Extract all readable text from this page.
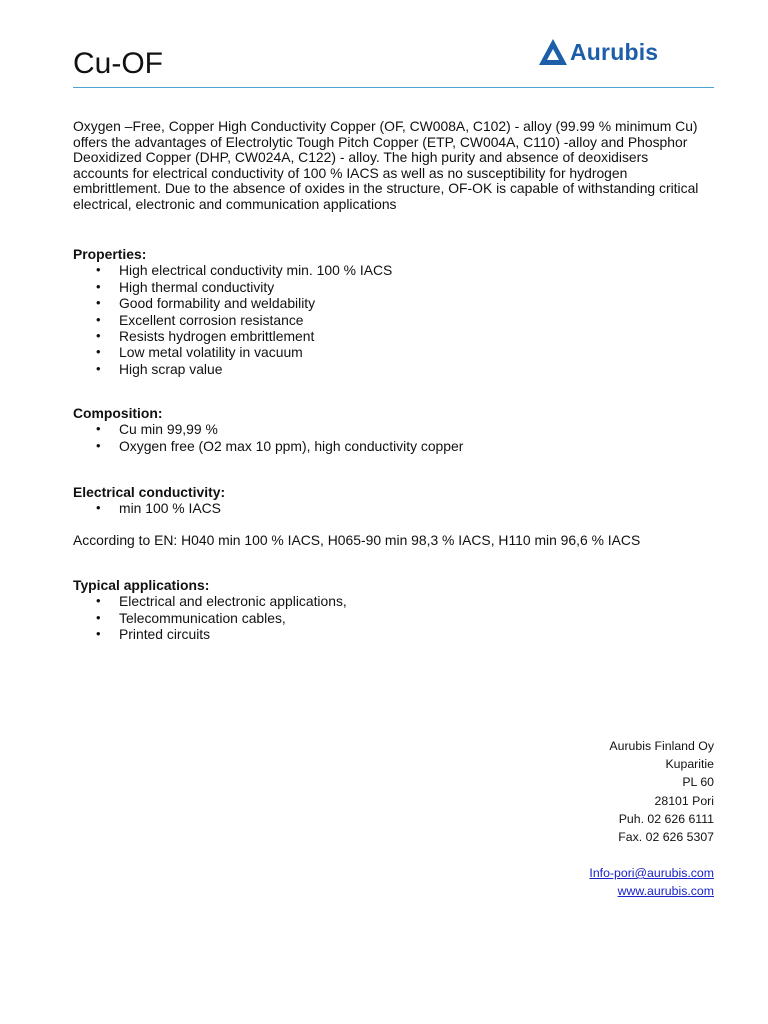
Cu-OF	Aurubis
Oxygen –Free, Copper High Conductivity Copper (OF, CW008A, C102) - alloy (99.99 % minimum Cu)
offers the advantages of Electrolytic Tough Pitch Copper (ETP, CW004A, C110) -alloy and Phosphor
Deoxidized Copper (DHP, CW024A, C122) - alloy. The high purity and absence of deoxidisers
accounts for electrical conductivity of 100 % IACS as well as no susceptibility for hydrogen
embrittlement. Due to the absence of oxides in the structure, OF-OK is capable of withstanding critical
electrical, electronic and communication applications
Properties:
• High electrical conductivity min. 100 % IACS
• High thermal conductivity
• Good formability and weldability
• Excellent corrosion resistance
• Resists hydrogen embrittlement
• Low metal volatility in vacuum
• High scrap value
Composition:
• Cu min 99,99 %
• Oxygen free (O2 max 10 ppm), high conductivity copper
Electrical conductivity:
• min 100 % IACS

According to EN: H040 min 100 % IACS, H065-90 min 98,3 % IACS, H110 min 96,6 % IACS

Typical applications:
• Electrical and electronic applications,
• Telecommunication cables,
• Printed circuits
Aurubis Finland Oy
Kuparitie
PL 60
28101 Pori
Puh. 02 626 6111
Fax. 02 626 5307
Info-pori@aurubis.com
www.aurubis.com
